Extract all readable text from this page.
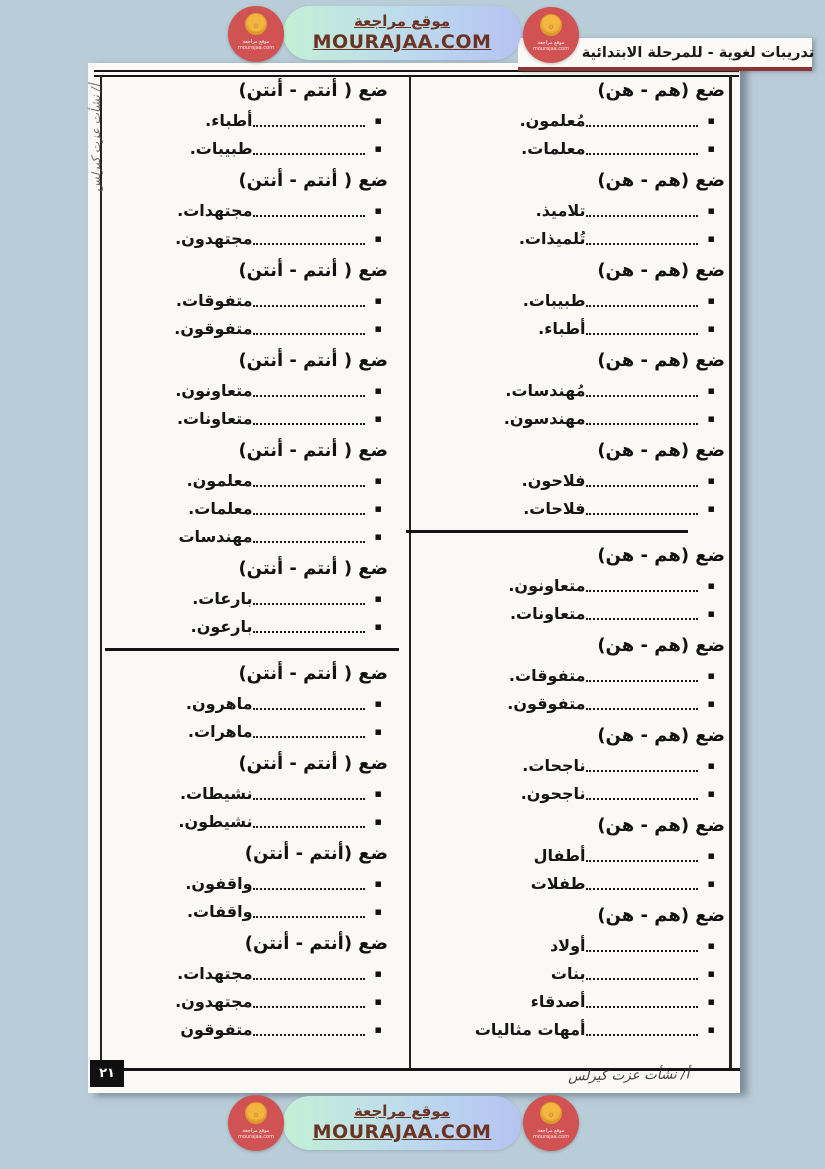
موقع مراجعة
MOURAJAA.COM
۞
موقع مراجعة
mourajaa.com
۞
موقع مراجعة
mourajaa.com تدريبات لغوية - للمرحلة الابتدائية
ضع (هم - هن)
▪
مُعلمون.
▪
معلمات.
ضع (هم - هن)
▪
تلاميذ.
▪
تُلميذات.
ضع (هم - هن)
▪
طبيبات.
▪
أطباء.
ضع (هم - هن)
▪
مُهندسات.
▪
مهندسون.
ضع (هم - هن)
▪
فلاحون.
▪
فلاحات.
ضع (هم - هن)
▪
متعاونون.
▪
متعاونات.
ضع (هم - هن)
▪
متفوقات.
▪
متفوقون.
ضع (هم - هن)
▪
ناجحات.
▪
ناجحون.
ضع (هم - هن)
▪
أطفال
▪
طفلات
ضع (هم - هن)
▪
أولاد
▪
بنات
▪
أصدقاء
▪
أمهات مثاليات
ضع ( أنتم - أنتن)
▪
أطباء.
▪
طبيبات.
ضع ( أنتم - أنتن)
▪
مجتهدات.
▪
مجتهدون.
ضع ( أنتم - أنتن)
▪
متفوقات.
▪
متفوقون.
ضع ( أنتم - أنتن)
▪
متعاونون.
▪
متعاونات.
ضع ( أنتم - أنتن)
▪
معلمون.
▪
معلمات.
▪
مهندسات
ضع ( أنتم - أنتن)
▪
بارعات.
▪
بارعون.
ضع ( أنتم - أنتن)
▪
ماهرون.
▪
ماهرات.
ضع ( أنتم - أنتن)
▪
نشيطات.
▪
نشيطون.
ضع (أنتم - أنتن)
▪
واقفون.
▪
واقفات.
ضع (أنتم - أنتن)
▪
مجتهدات.
▪
مجتهدون.
▪
متفوقون
٢١	أ/ نشأت عزت كيرلس
أ/ نشأت عزت كيرلس
موقع مراجعة
MOURAJAA.COM
۞
موقع مراجعة
mourajaa.com
۞
موقع مراجعة
mourajaa.com
